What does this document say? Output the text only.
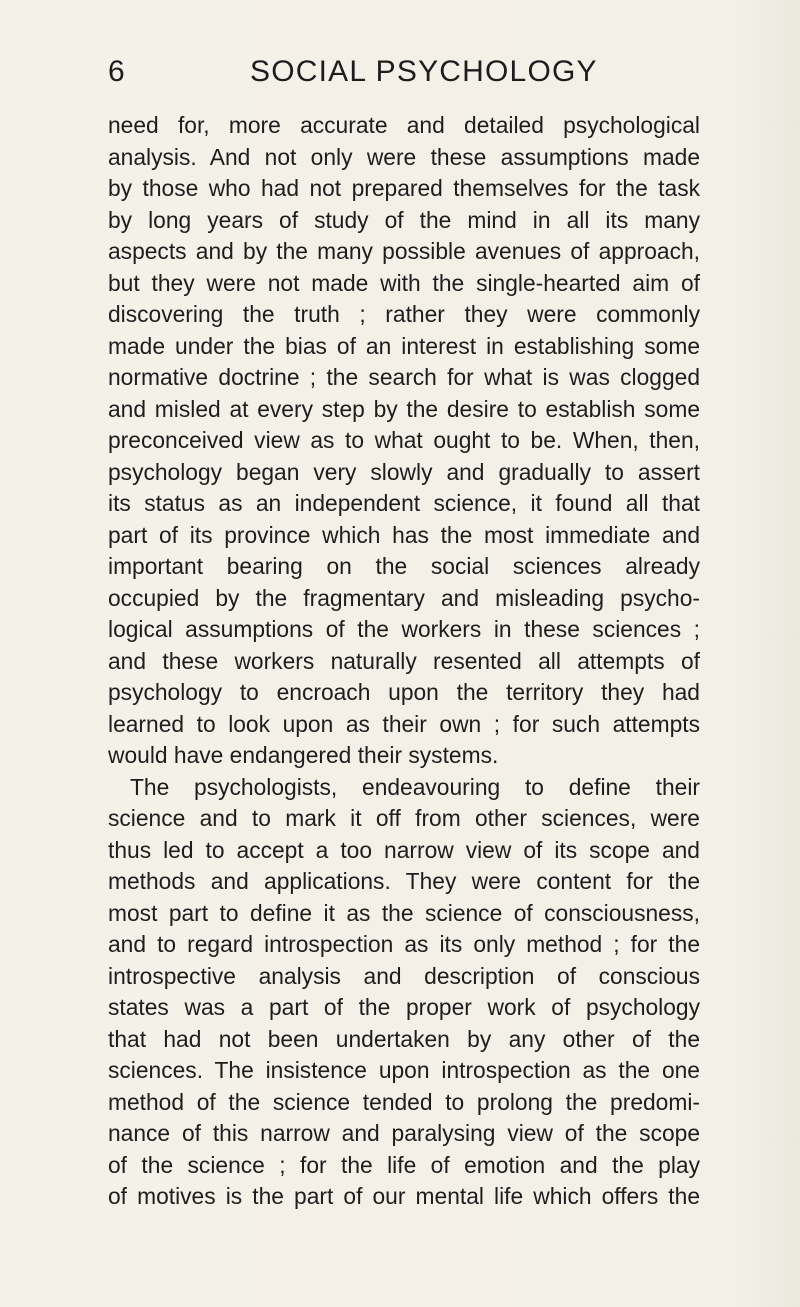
6	SOCIAL PSYCHOLOGY
need for, more accurate and detailed psychological
analysis. And not only were these assumptions made
by those who had not prepared themselves for the task
by long years of study of the mind in all its many
aspects and by the many possible avenues of approach,
but they were not made with the single-hearted aim of
discovering the truth ; rather they were commonly
made under the bias of an interest in establishing some
normative doctrine ; the search for what is was clogged
and misled at every step by the desire to establish some
preconceived view as to what ought to be. When, then,
psychology began very slowly and gradually to assert
its status as an independent science, it found all that
part of its province which has the most immediate and
important bearing on the social sciences already
occupied by the fragmentary and misleading psycho-
logical assumptions of the workers in these sciences ;
and these workers naturally resented all attempts of
psychology to encroach upon the territory they had
learned to look upon as their own ; for such attempts
would have endangered their systems.
The psychologists, endeavouring to define their
science and to mark it off from other sciences, were
thus led to accept a too narrow view of its scope and
methods and applications. They were content for the
most part to define it as the science of consciousness,
and to regard introspection as its only method ; for the
introspective analysis and description of conscious
states was a part of the proper work of psychology
that had not been undertaken by any other of the
sciences. The insistence upon introspection as the one
method of the science tended to prolong the predomi-
nance of this narrow and paralysing view of the scope
of the science ; for the life of emotion and the play
of motives is the part of our mental life which offers the
